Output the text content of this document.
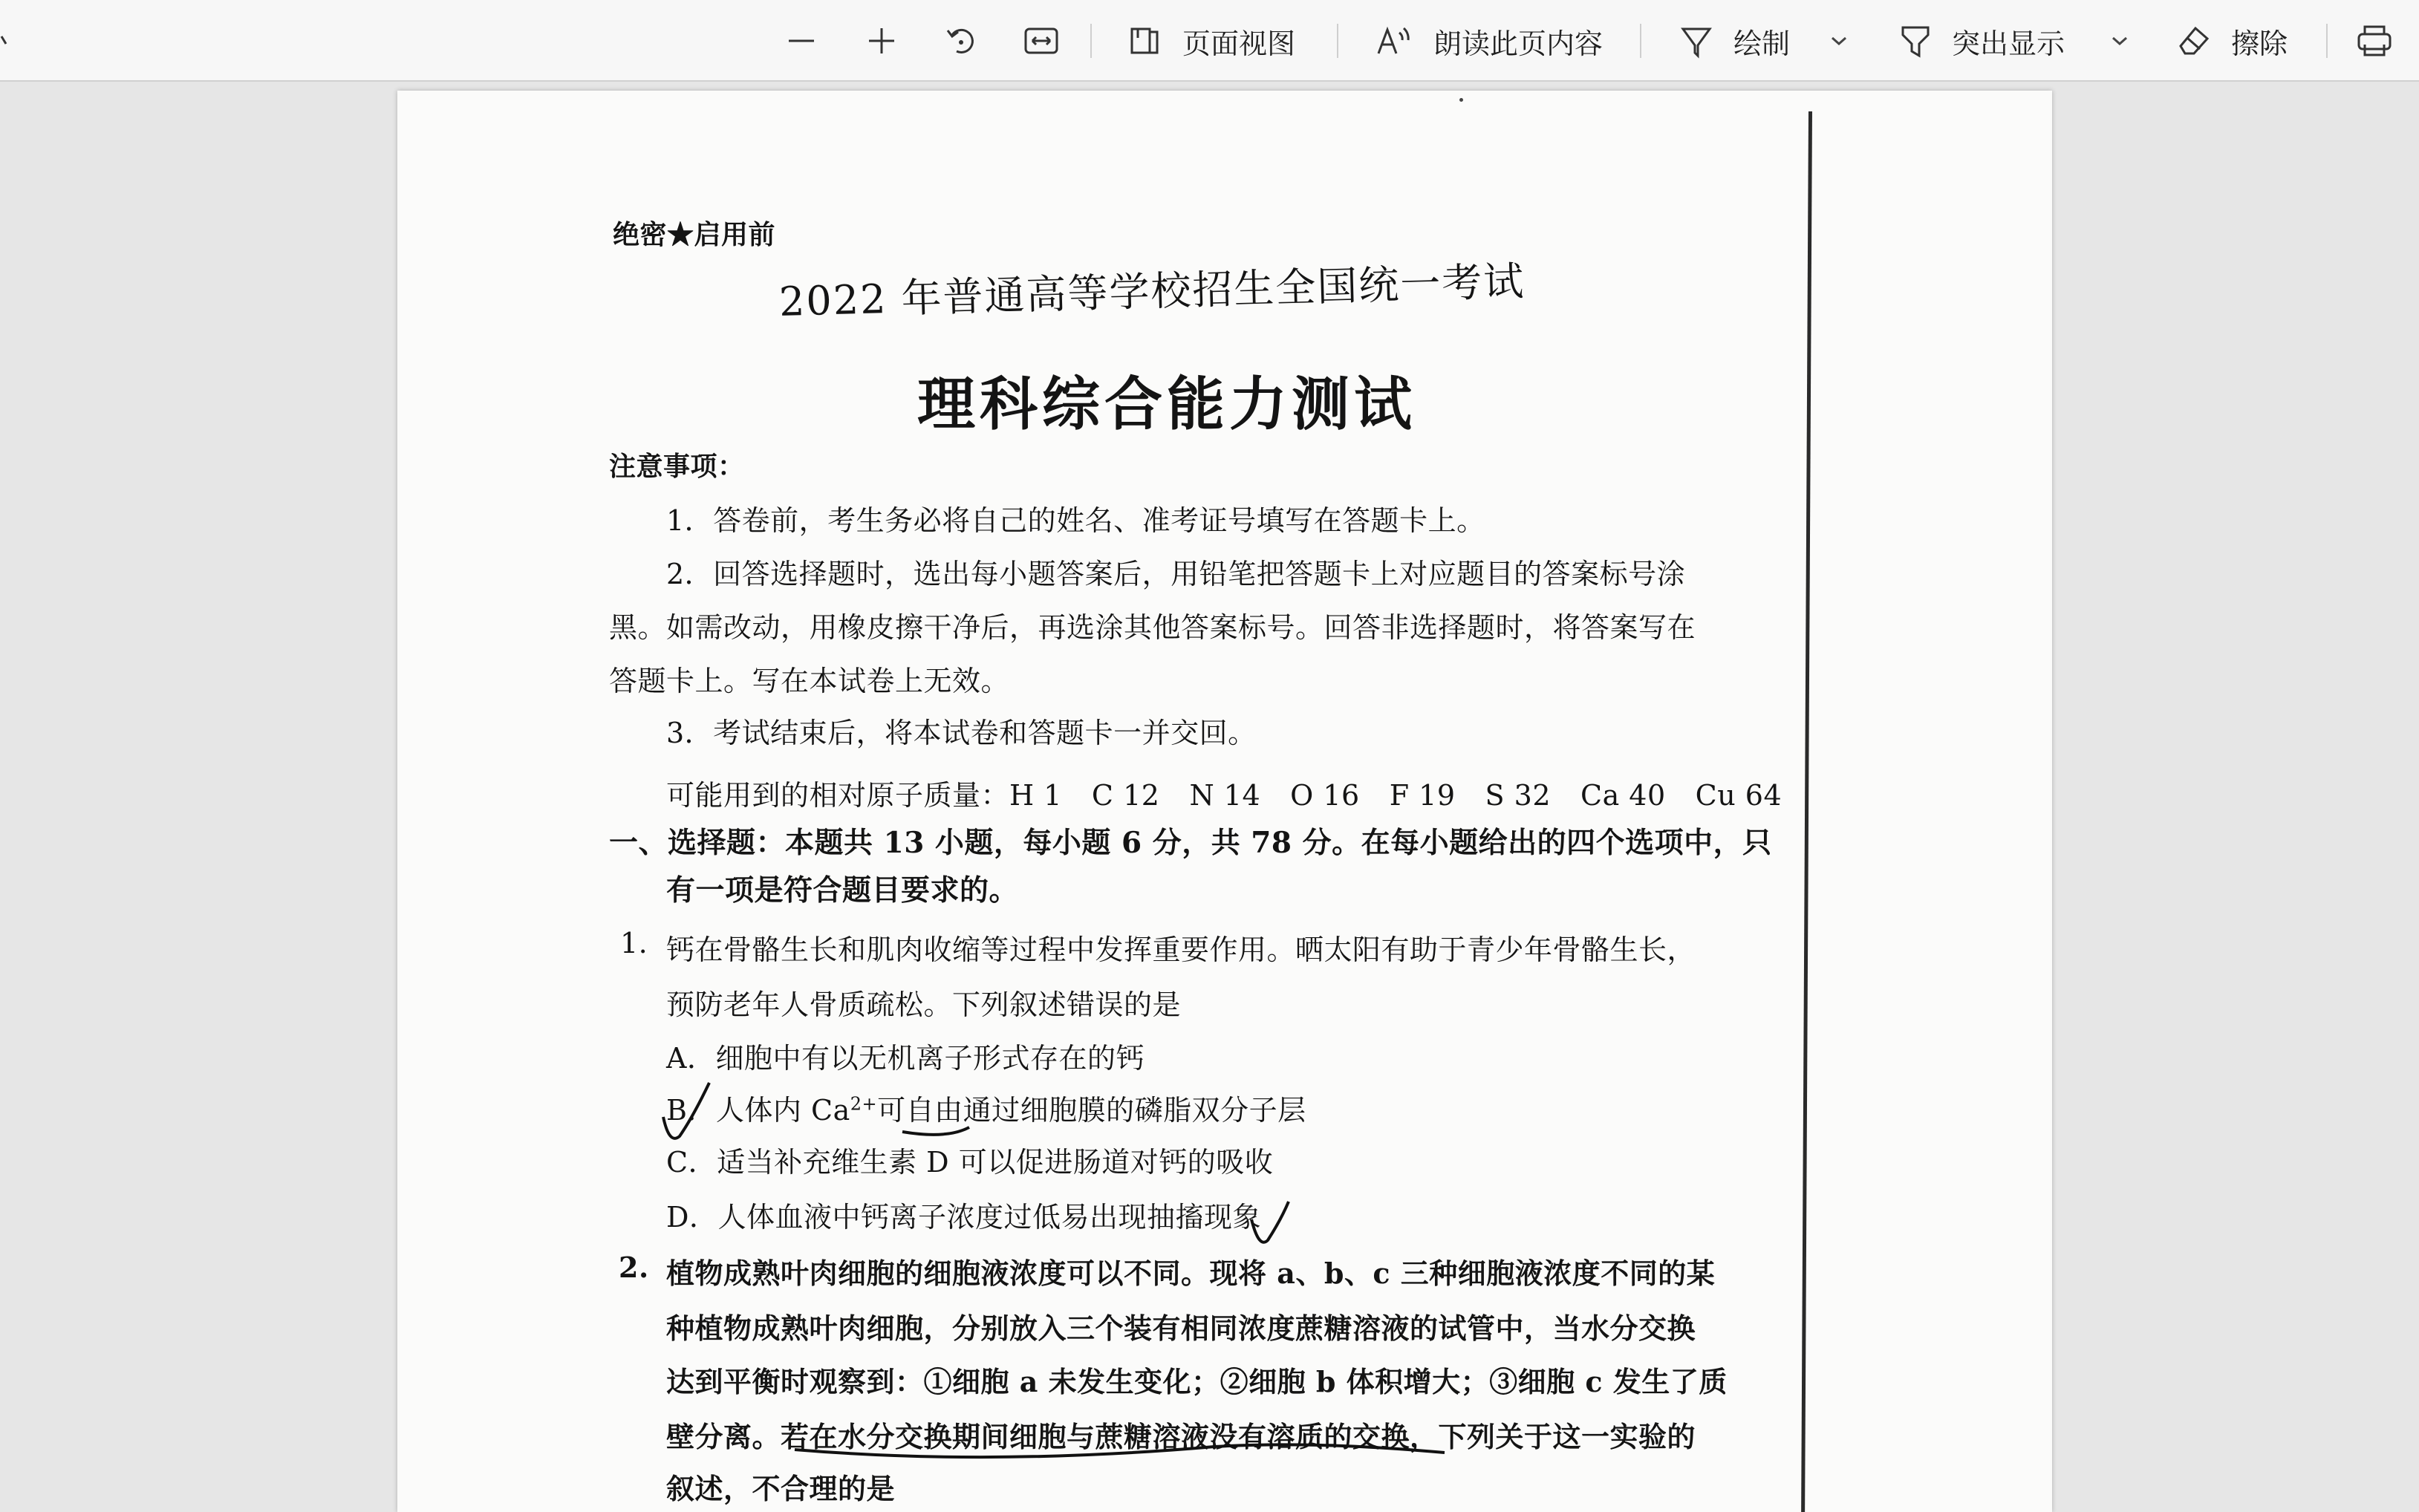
页面视图	朗读此页内容	绘制	突出显示	擦除
绝密★启用前
2022 年普通高等学校招生全国统一考试
理科综合能力测试
注意事项：
1．答卷前，考生务必将自己的姓名、准考证号填写在答题卡上。
2．回答选择题时，选出每小题答案后，用铅笔把答题卡上对应题目的答案标号涂
黑。如需改动，用橡皮擦干净后，再选涂其他答案标号。回答非选择题时，将答案写在
答题卡上。写在本试卷上无效。
3．考试结束后，将本试卷和答题卡一并交回。
可能用到的相对原子质量：H 1 C 12 N 14 O 16 F 19 S 32 Ca 40 Cu 64
一、选择题：本题共 13 小题，每小题 6 分，共 78 分。在每小题给出的四个选项中，只
有一项是符合题目要求的。
1. 钙在骨骼生长和肌肉收缩等过程中发挥重要作用。晒太阳有助于青少年骨骼生长，
预防老年人骨质疏松。下列叙述错误的是
A．细胞中有以无机离子形式存在的钙
B．人体内 $Ca^{2+}$可自由通过细胞膜的磷脂双分子层
C．适当补充维生素 D 可以促进肠道对钙的吸收
D．人体血液中钙离子浓度过低易出现抽搐现象
2. 植物成熟叶肉细胞的细胞液浓度可以不同。现将 a、b、c 三种细胞液浓度不同的某
种植物成熟叶肉细胞，分别放入三个装有相同浓度蔗糖溶液的试管中，当水分交换
达到平衡时观察到：①细胞 a 未发生变化；②细胞 b 体积增大；③细胞 c 发生了质
壁分离。若在水分交换期间细胞与蔗糖溶液没有溶质的交换，下列关于这一实验的
叙述，不合理的是
